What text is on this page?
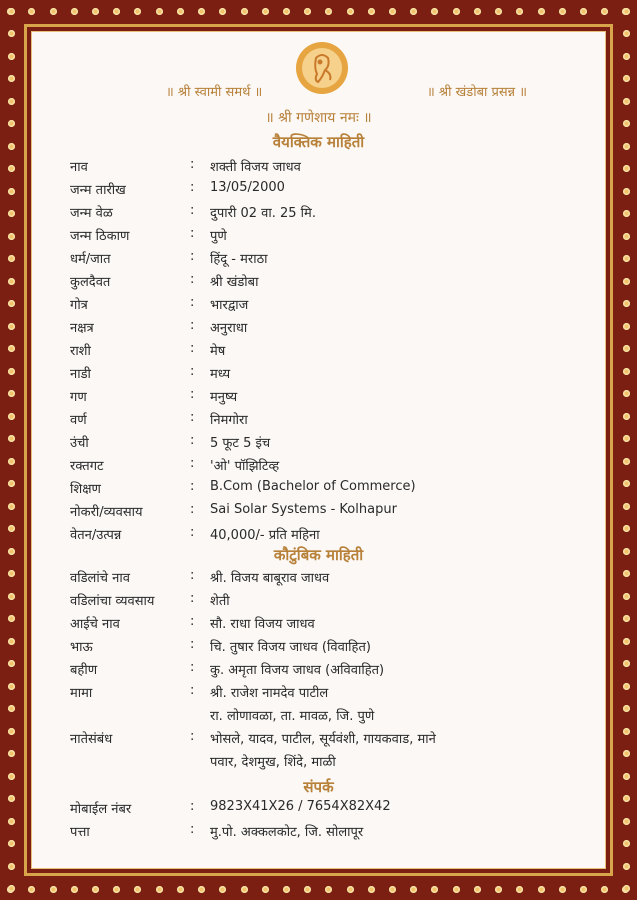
॥ श्री स्वामी समर्थ ॥	॥ श्री खंडोबा प्रसन्न ॥
॥ श्री गणेशाय नमः ॥
वैयक्तिक माहिती
नाव	: शक्ती विजय जाधव
जन्म तारीख	: 13/05/2000
जन्म वेळ	: दुपारी 02 वा. 25 मि.
जन्म ठिकाण	: पुणे
धर्म/जात	: हिंदू - मराठा
कुलदैवत	: श्री खंडोबा
गोत्र	: भारद्वाज
नक्षत्र	: अनुराधा
राशी	: मेष
नाडी	: मध्य
गण	: मनुष्य
वर्ण	: निमगोरा
उंची	: 5 फूट 5 इंच
रक्तगट	: 'ओ' पॉझिटिव्ह
शिक्षण	: B.Com (Bachelor of Commerce)
नोकरी/व्यवसाय	: Sai Solar Systems - Kolhapur
वेतन/उत्पन्न	: 40,000/- प्रति महिना
कौटुंबिक माहिती
वडिलांचे नाव	: श्री. विजय बाबूराव जाधव
वडिलांचा व्यवसाय	: शेती
आईचे नाव	: सौ. राधा विजय जाधव
भाऊ	: चि. तुषार विजय जाधव (विवाहित)
बहीण	: कु. अमृता विजय जाधव (अविवाहित)
मामा	: श्री. राजेश नामदेव पाटील
रा. लोणावळा, ता. मावळ, जि. पुणे
नातेसंबंध	: भोसले, यादव, पाटील, सूर्यवंशी, गायकवाड, माने
पवार, देशमुख, शिंदे, माळी
संपर्क
मोबाईल नंबर	: 9823X41X26 / 7654X82X42
पत्ता	: मु.पो. अक्कलकोट, जि. सोलापूर
